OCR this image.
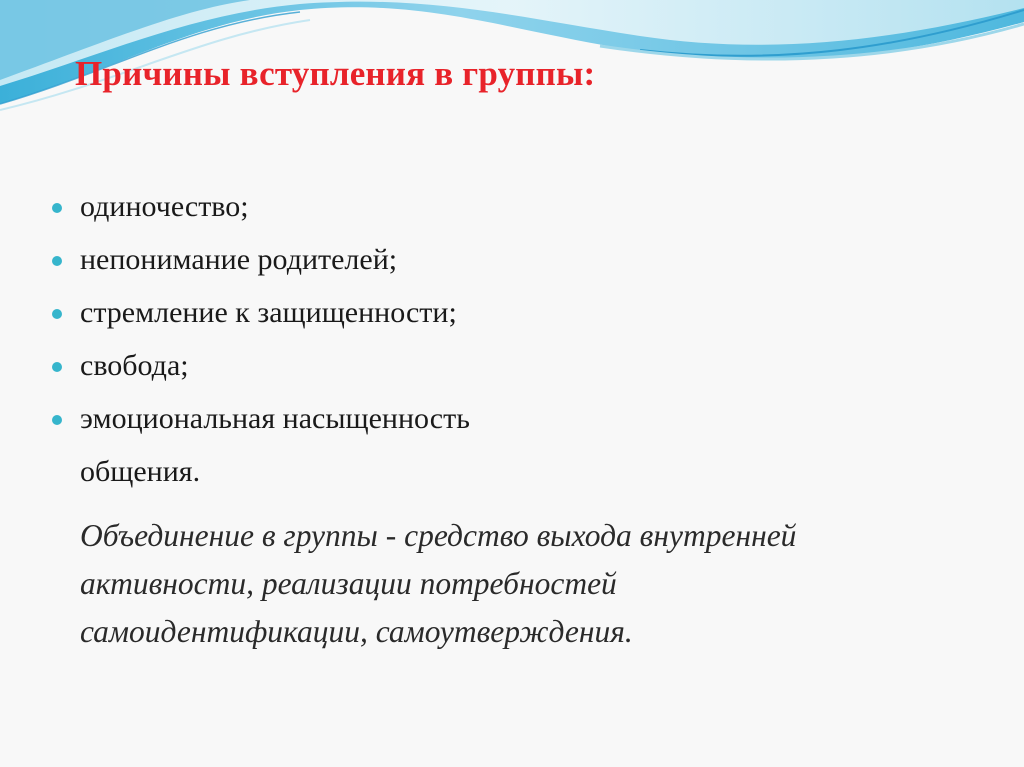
Причины вступления в группы:
одиночество;
непонимание родителей;
стремление к защищенности;
свобода;
эмоциональная насыщенность
общения.

Объединение в группы - средство выхода внутренней
активности, реализации потребностей
самоидентификации, самоутверждения.
